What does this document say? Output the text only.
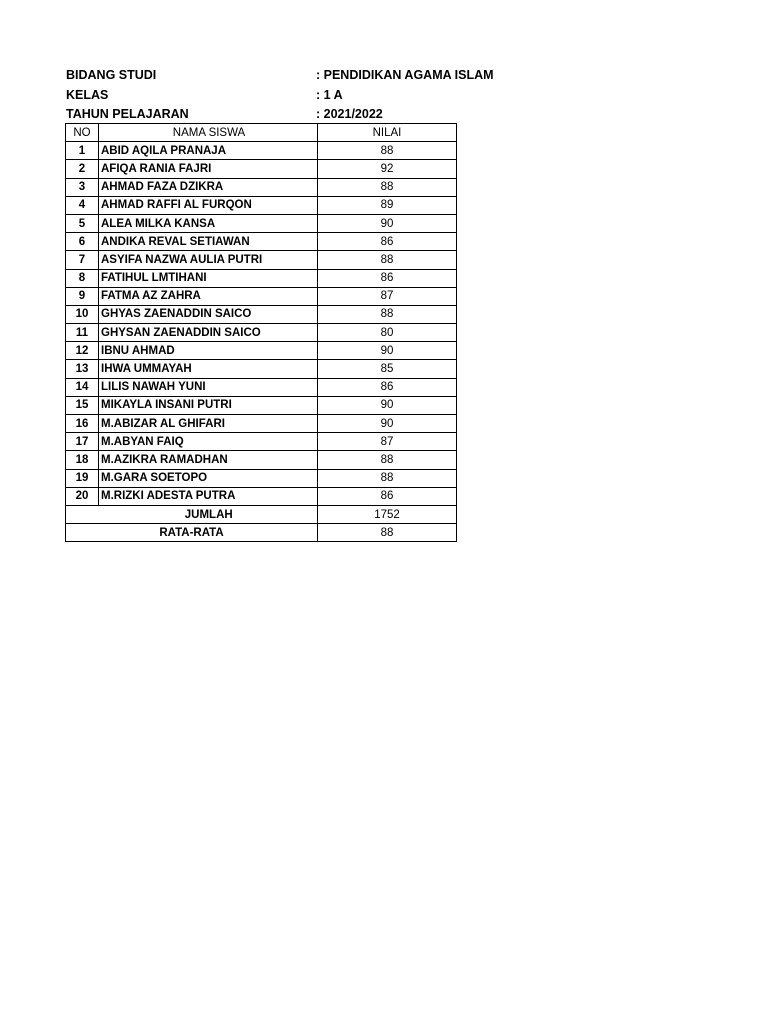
BIDANG STUDI	: PENDIDIKAN AGAMA ISLAM
KELAS	: 1 A
TAHUN PELAJARAN	: 2021/2022
NO	NAMA SISWA	NILAI
1	ABID AQILA PRANAJA	88
2	AFIQA RANIA FAJRI	92
3	AHMAD FAZA DZIKRA	88
4	AHMAD RAFFI AL FURQON	89
5	ALEA MILKA KANSA	90
6	ANDIKA REVAL SETIAWAN	86
7	ASYIFA NAZWA AULIA PUTRI	88
8	FATIHUL LMTIHANI	86
9	FATMA AZ ZAHRA	87
10	GHYAS ZAENADDIN SAICO	88
11	GHYSAN ZAENADDIN SAICO	80
12	IBNU AHMAD	90
13	IHWA UMMAYAH	85
14	LILIS NAWAH YUNI	86
15	MIKAYLA INSANI PUTRI	90
16	M.ABIZAR AL GHIFARI	90
17	M.ABYAN FAIQ	87
18	M.AZIKRA RAMADHAN	88
19	M.GARA SOETOPO	88
20	M.RIZKI ADESTA PUTRA	86
	JUMLAH	1752
RATA-RATA		88
